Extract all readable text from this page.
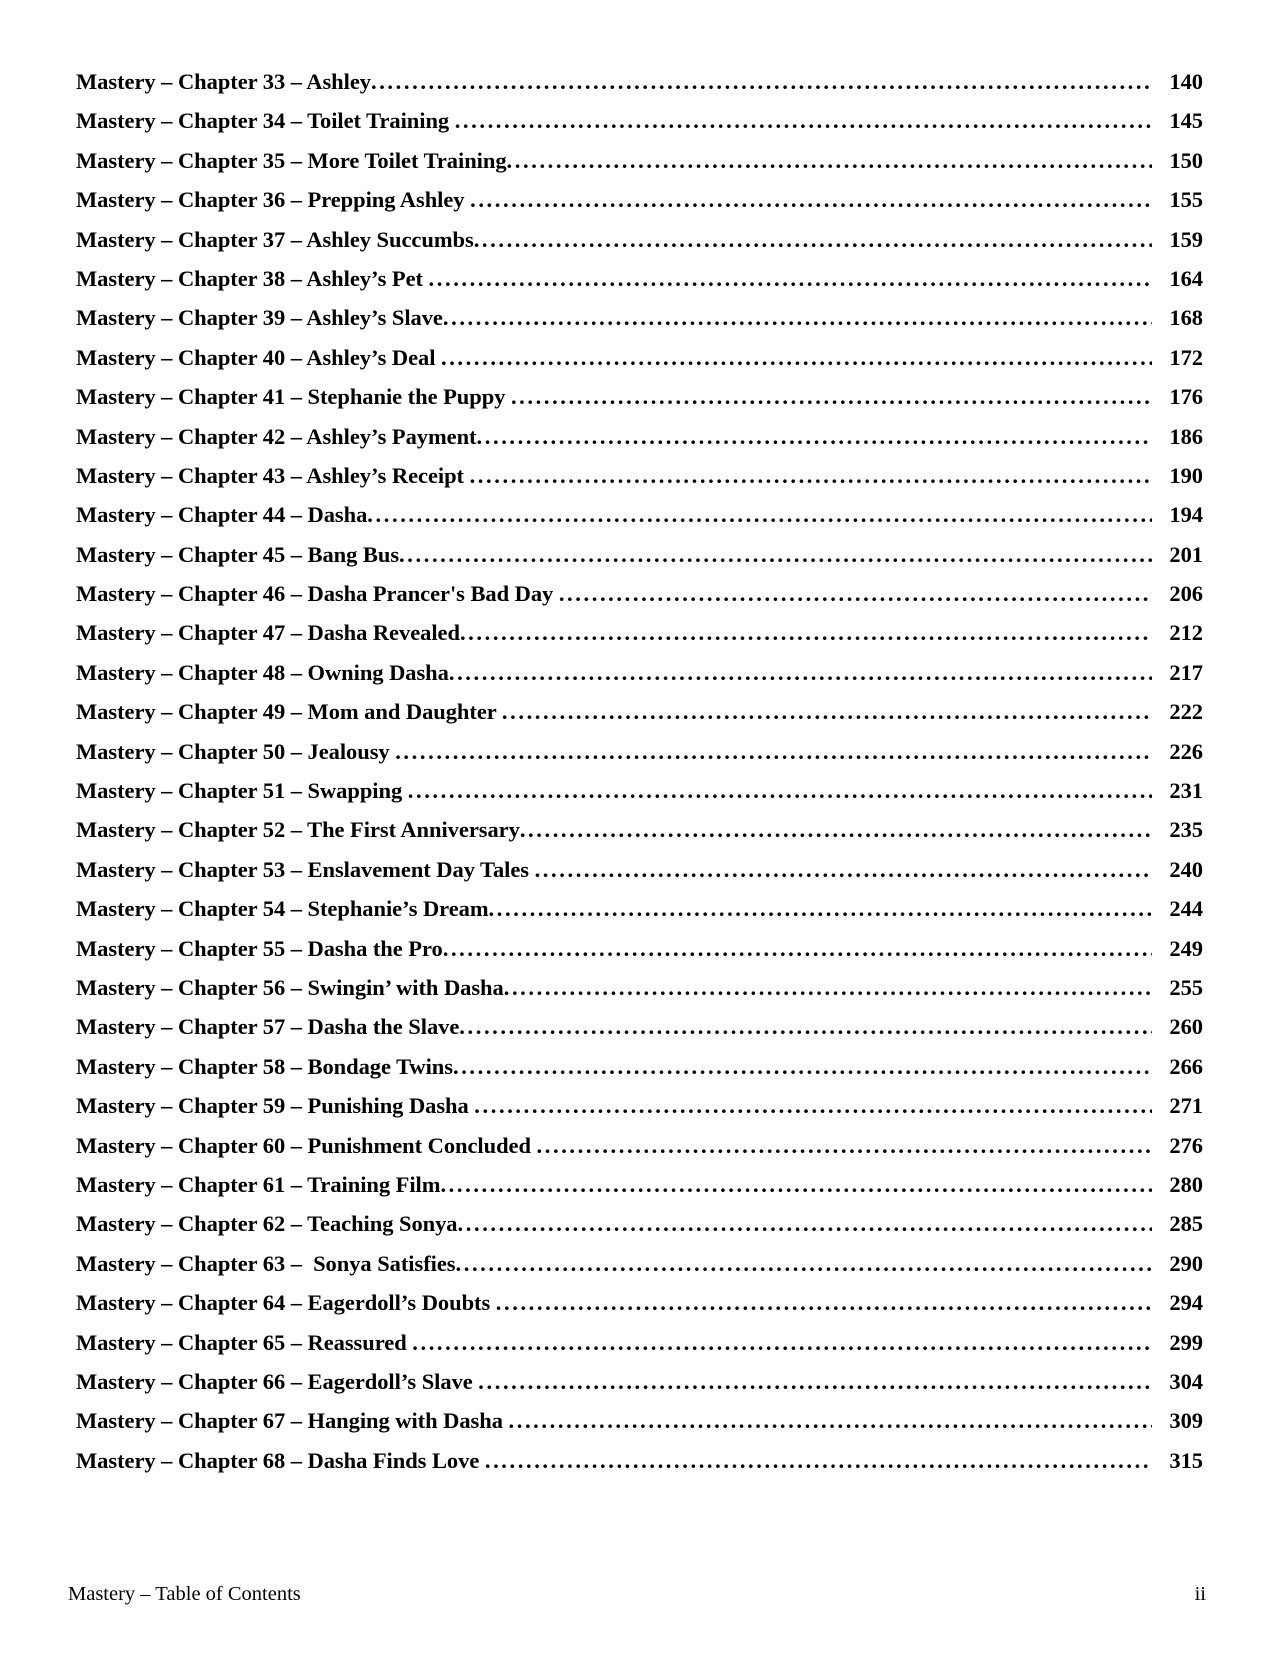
Mastery – Chapter 33 – Ashley .....	140
Mastery – Chapter 34 – Toilet Training .....	145
Mastery – Chapter 35 – More Toilet Training .....	150
Mastery – Chapter 36 – Prepping Ashley .....	155
Mastery – Chapter 37 – Ashley Succumbs .....	159
Mastery – Chapter 38 – Ashley’s Pet .....	164
Mastery – Chapter 39 – Ashley’s Slave .....	168
Mastery – Chapter 40 – Ashley’s Deal .....	172
Mastery – Chapter 41 – Stephanie the Puppy .....	176
Mastery – Chapter 42 – Ashley’s Payment .....	186
Mastery – Chapter 43 – Ashley’s Receipt .....	190
Mastery – Chapter 44 – Dasha .....	194
Mastery – Chapter 45 – Bang Bus .....	201
Mastery – Chapter 46 – Dasha Prancer's Bad Day .....	206
Mastery – Chapter 47 – Dasha Revealed .....	212
Mastery – Chapter 48 – Owning Dasha .....	217
Mastery – Chapter 49 – Mom and Daughter .....	222
Mastery – Chapter 50 – Jealousy .....	226
Mastery – Chapter 51 – Swapping .....	231
Mastery – Chapter 52 – The First Anniversary .....	235
Mastery – Chapter 53 – Enslavement Day Tales .....	240
Mastery – Chapter 54 – Stephanie’s Dream .....	244
Mastery – Chapter 55 – Dasha the Pro .....	249
Mastery – Chapter 56 – Swingin’ with Dasha .....	255
Mastery – Chapter 57 – Dasha the Slave .....	260
Mastery – Chapter 58 – Bondage Twins .....	266
Mastery – Chapter 59 – Punishing Dasha .....	271
Mastery – Chapter 60 – Punishment Concluded .....	276
Mastery – Chapter 61 – Training Film .....	280
Mastery – Chapter 62 – Teaching Sonya .....	285
Mastery – Chapter 63 –  Sonya Satisfies .....	290
Mastery – Chapter 64 – Eagerdoll’s Doubts .....	294
Mastery – Chapter 65 – Reassured .....	299
Mastery – Chapter 66 – Eagerdoll’s Slave .....	304
Mastery – Chapter 67 – Hanging with Dasha .....	309
Mastery – Chapter 68 – Dasha Finds Love .....	315
Mastery – Table of Contents	ii
